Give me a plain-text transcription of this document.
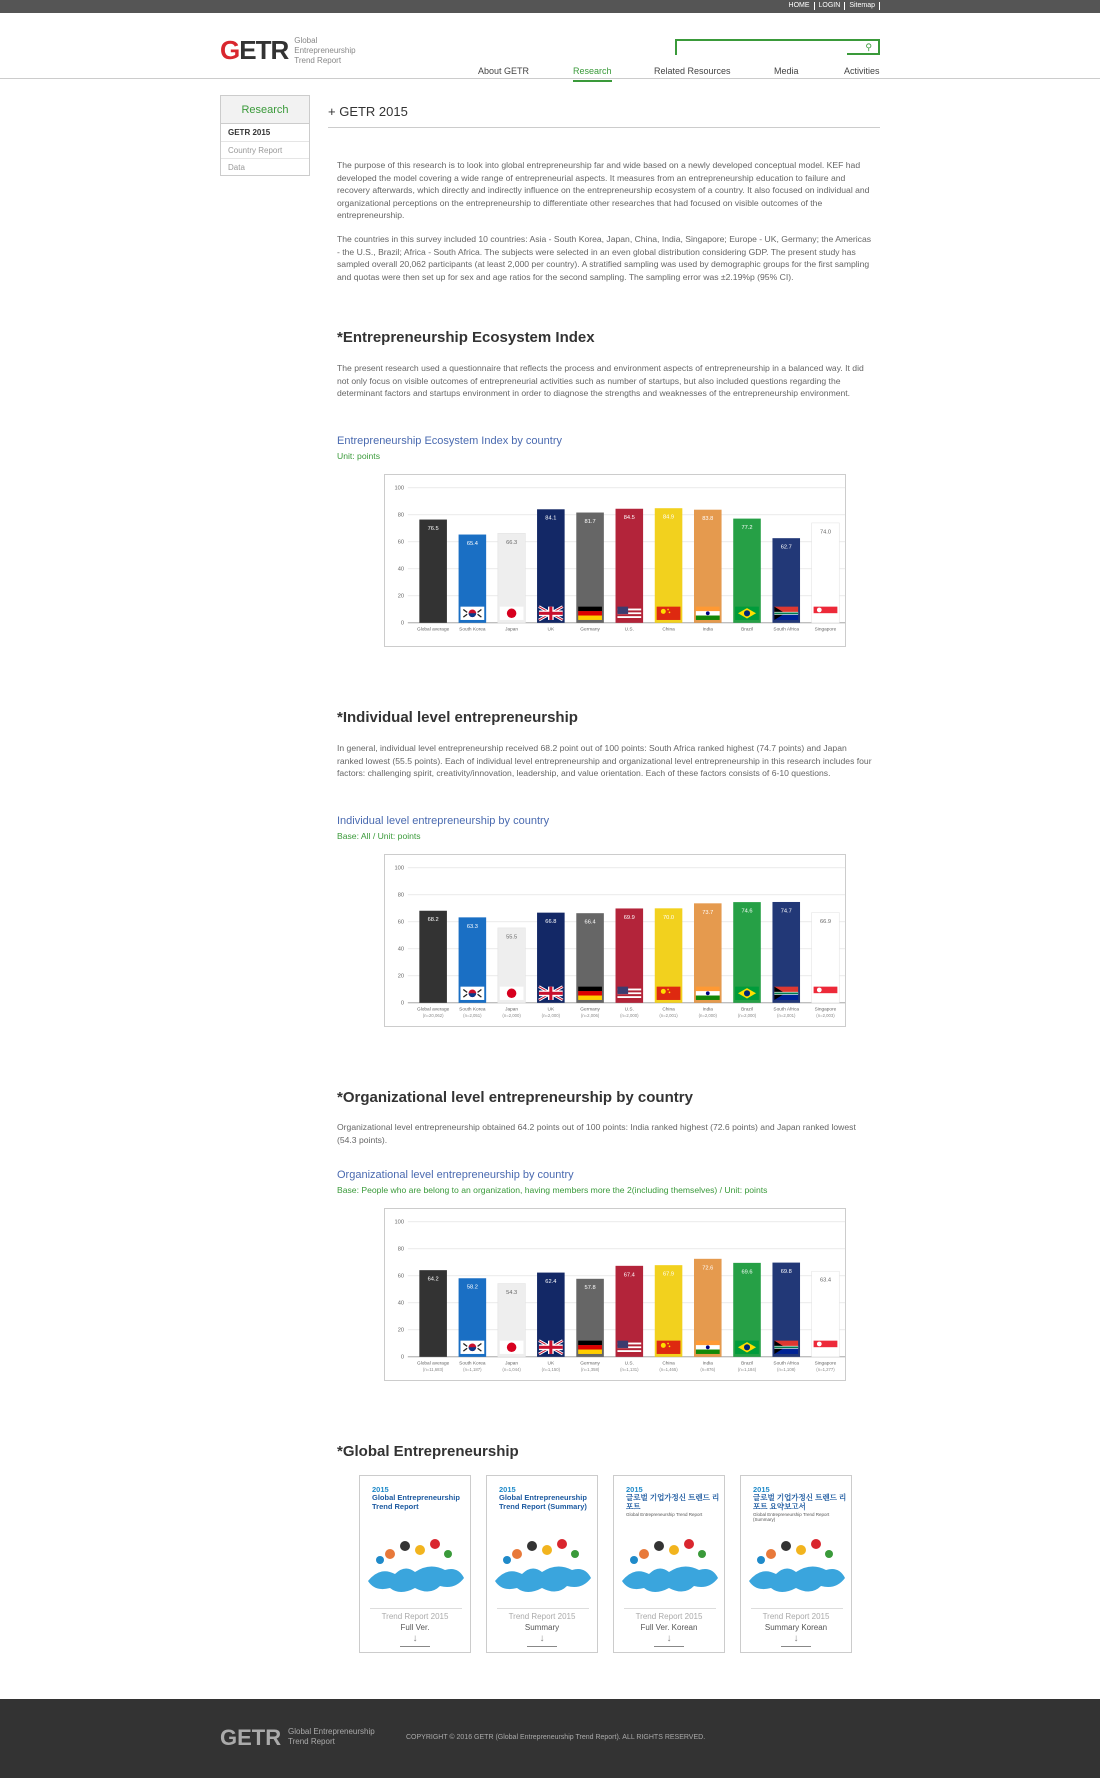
HOME	LOGIN	Sitemap
GETR Global Entrepreneurship
Trend Report
⚲
About GETR	Research	Related Resources	Media	Activities
Research
GETR 2015
Country Report
Data
+ GETR 2015
The purpose of this research is to look into global entrepreneurship far and wide based on a newly developed conceptual model. KEF had developed the model covering a wide range of entrepreneurial aspects. It measures from an entrepreneurship education to failure and recovery afterwards, which directly and indirectly influence on the entrepreneurship ecosystem of a country. It also focused on individual and organizational perceptions on the entrepreneurship to differentiate other researches that had focused on visible outcomes of the entrepreneurship.
The countries in this survey included 10 countries: Asia - South Korea, Japan, China, India, Singapore; Europe - UK, Germany; the Americas - the U.S., Brazil; Africa - South Africa. The subjects were selected in an even global distribution considering GDP. The present study has sampled overall 20,062 participants (at least 2,000 per country). A stratified sampling was used by demographic groups for the first sampling and quotas were then set up for sex and age ratios for the second sampling. The sampling error was ±2.19%p (95% CI).
*Entrepreneurship Ecosystem Index
The present research used a questionnaire that reflects the process and environment aspects of entrepreneurship in a balanced way. It did not only focus on visible outcomes of entrepreneurial activities such as number of startups, but also included questions regarding the determinant factors and startups environment in order to diagnose the strengths and weaknesses of the entrepreneurship environment.
Entrepreneurship Ecosystem Index by country
Unit: points
0
20
40
60
80
100
76.5
Global average
65.4
South Korea
66.3
Japan
84.1
UK
81.7
Germany
84.5
U.S.
84.9
China
83.8
India
77.2
Brazil
62.7
South Africa
74.0
Singapore
*Individual level entrepreneurship
In general, individual level entrepreneurship received 68.2 point out of 100 points: South Africa ranked highest (74.7 points) and Japan ranked lowest (55.5 points). Each of individual level entrepreneurship and organizational level entrepreneurship in this research includes four factors: challenging spirit, creativity/innovation, leadership, and value orientation. Each of these factors consists of 6-10 questions.
Individual level entrepreneurship by country
Base: All / Unit: points
0
20
40
60
80
100
68.2
Global average
(n=20,062)
63.3
South Korea
(n=2,051)
55.5
Japan
(n=2,000)
66.8
UK
(n=2,000)
66.4
Germany
(n=2,006)
69.9
U.S.
(n=2,000)
70.0
China
(n=2,001)
73.7
India
(n=2,000)
74.6
Brazil
(n=2,000)
74.7
South Africa
(n=2,001)
66.9
Singapore
(n=2,003)
*Organizational level entrepreneurship by country
Organizational level entrepreneurship obtained 64.2 points out of 100 points: India ranked highest (72.6 points) and Japan ranked lowest (54.3 points).
Organizational level entrepreneurship by country
Base: People who are belong to an organization, having members more the 2(including themselves) / Unit: points
0
20
40
60
80
100
64.2
Global average
(n=11,683)
58.2
South Korea
(n=1,187)
54.3
Japan
(n=1,044)
62.4
UK
(n=1,150)
57.8
Germany
(n=1,358)
67.4
U.S.
(n=1,131)
67.9
China
(n=1,465)
72.6
India
(n=876)
69.6
Brazil
(n=1,184)
69.8
South Africa
(n=1,108)
63.4
Singapore
(n=1,277)
*Global Entrepreneurship
2015
Global Entrepreneurship Trend Report
Trend Report 2015
Full Ver.
↓
2015
Global Entrepreneurship Trend Report (Summary)
Trend Report 2015
Summary
↓
2015
글로벌 기업가정신 트렌드 리포트
Global Entrepreneurship Trend Report
Trend Report 2015
Full Ver. Korean
↓
2015
글로벌 기업가정신 트렌드 리포트 요약보고서
Global Entrepreneurship Trend Report (Summary)
Trend Report 2015
Summary Korean
↓
GETR Global Entrepreneurship
Trend Report	COPYRIGHT © 2016 GETR (Global Entrepreneurship Trend Report). ALL RIGHTS RESERVED.
